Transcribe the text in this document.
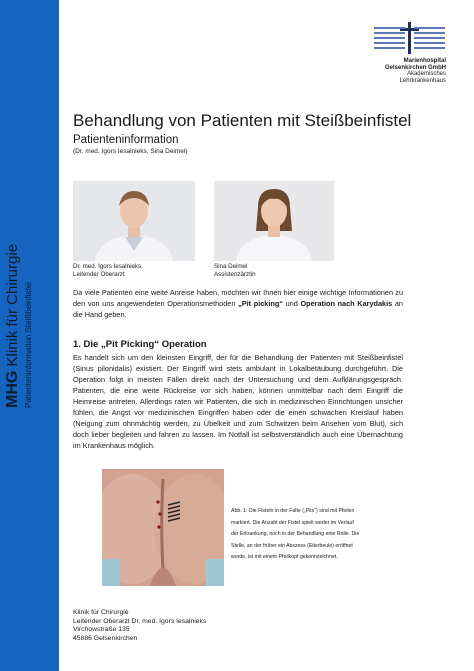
MHG Klinik für Chirurgie Patienteninformation Steißbeinfistel
Marienhospital
Gelsenkirchen GmbH
Akademisches Lehrkrankenhaus
Behandlung von Patienten mit Steißbeinfistel
Patienteninformation
(Dr. med. Igors Iesalnieks, Sina Deimel)
Dr. med. Igors Iesalnieks
Leitender Oberarzt
Sina Deimel
Assistenzärztin
Da viele Patienten eine weite Anreise haben, möchten wir Ihnen hier einige wichtige Informationen zu den von uns angewendeten Operationsmethoden „Pit picking“ und Operation nach Karydakis an die Hand geben.
1. Die „Pit Picking“ Operation
Es handelt sich um den kleinsten Eingriff, der für die Behandlung der Patienten mit Steißbeinfistel (Sinus pilonidalis) existiert. Der Eingriff wird stets ambulant in Lokalbetäubung durchgeführt. Die Operation folgt in meisten Fällen direkt nach der Untersuchung und dem Aufklärungsgespräch. Patienten, die eine weite Rückreise vor sich haben, können unmittelbar nach dem Eingriff die Heimreise antreten. Allerdings raten wir Patienten, die sich in medizinischen Einrichtungen unsicher fühlen, die Angst vor medizinischen Eingriffen haben oder die einen schwachen Kreislauf haben (Neigung zum ohnmächtig werden, zu Übelkeit und zum Schwitzen beim Ansehen vom Blut), sich doch lieber begleiten und fahren zu lassen. Im Notfall ist selbstverständlich auch eine Übernachtung im Krankenhaus möglich.
Abb. 1: Die Fisteln in der Falte („Pits“) sind mit Pfeilen markiert. Die Anzahl der Fistel spielt weder im Verlauf der Erkrankung, noch in der Behandlung eine Rolle. Die Stelle, an der früher ein Abszess (Eiterbeule) eröffnet wurde, ist mit einem Pfeilkopf gekennzeichnet.
Klinik für Chirurgie
Leitender Oberarzt Dr. med. Igors Iesalnieks
Virchowstraße 135
45886 Gelsenkirchen
